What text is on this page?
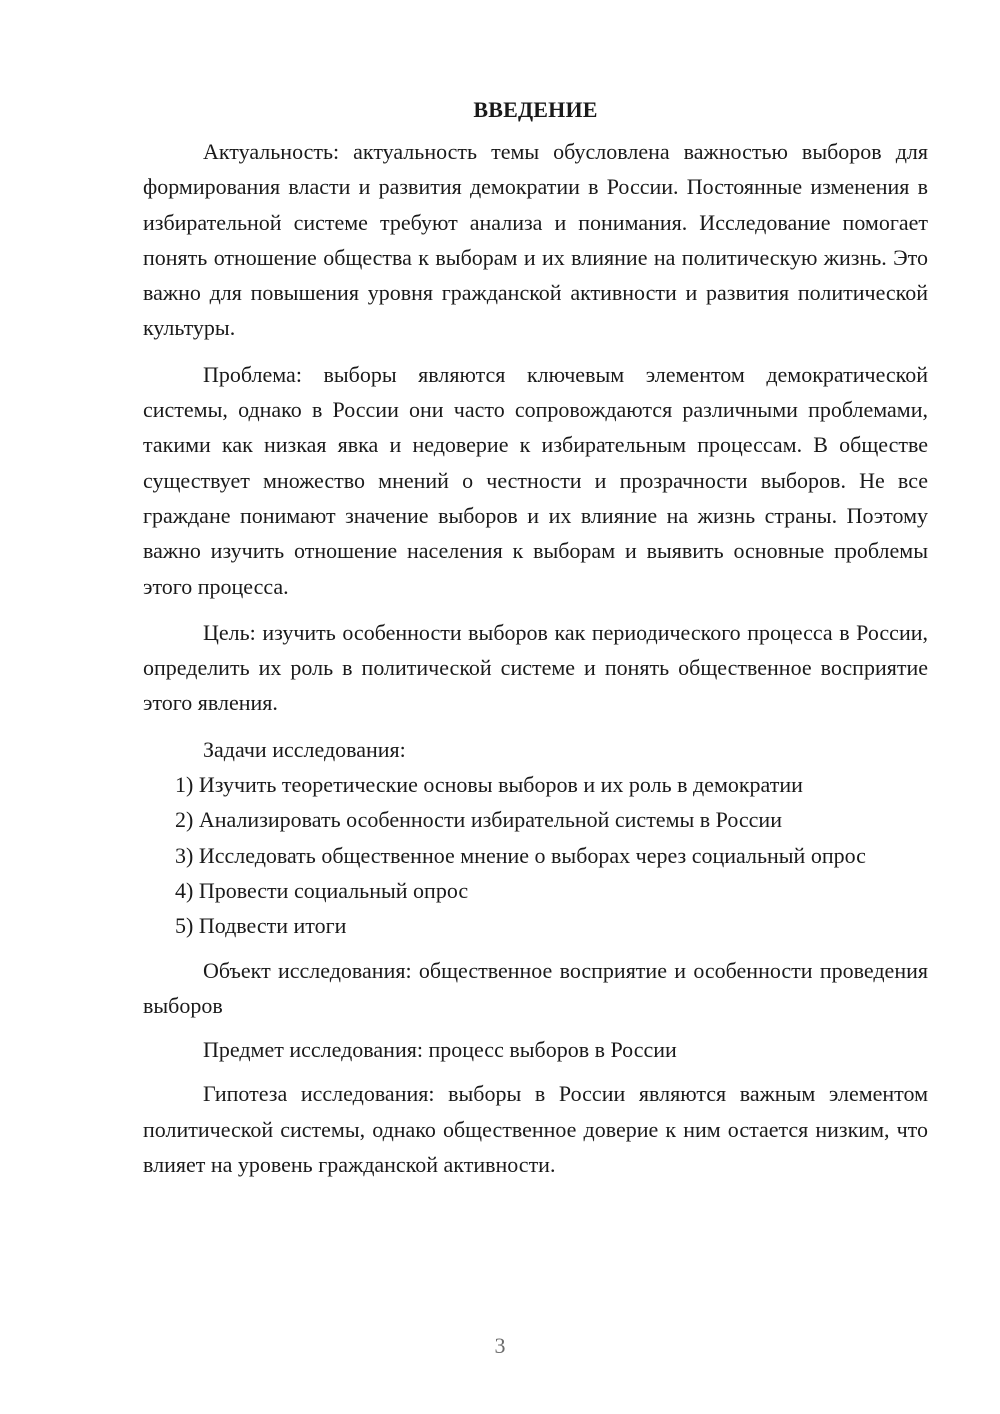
ВВЕДЕНИЕ

Актуальность: актуальность темы обусловлена важностью выборов для формирования власти и развития демократии в России. Постоянные изменения в избирательной системе требуют анализа и понимания. Исследование помогает понять отношение общества к выборам и их влияние на политическую жизнь. Это важно для повышения уровня гражданской активности и развития политической культуры.

Проблема: выборы являются ключевым элементом демократической системы, однако в России они часто сопровождаются различными проблемами, такими как низкая явка и недоверие к избирательным процессам. В обществе существует множество мнений о честности и прозрачности выборов. Не все граждане понимают значение выборов и их влияние на жизнь страны. Поэтому важно изучить отношение населения к выборам и выявить основные проблемы этого процесса.

Цель: изучить особенности выборов как периодического процесса в России, определить их роль в политической системе и понять общественное восприятие этого явления.

Задачи исследования:

1) Изучить теоретические основы выборов и их роль в демократии

2) Анализировать особенности избирательной системы в России

3) Исследовать общественное мнение о выборах через социальный опрос

4) Провести социальный опрос

5) Подвести итоги

Объект исследования: общественное восприятие и особенности проведения выборов

Предмет исследования: процесс выборов в России

Гипотеза исследования: выборы в России являются важным элементом политической системы, однако общественное доверие к ним остается низким, что влияет на уровень гражданской активности.

3
